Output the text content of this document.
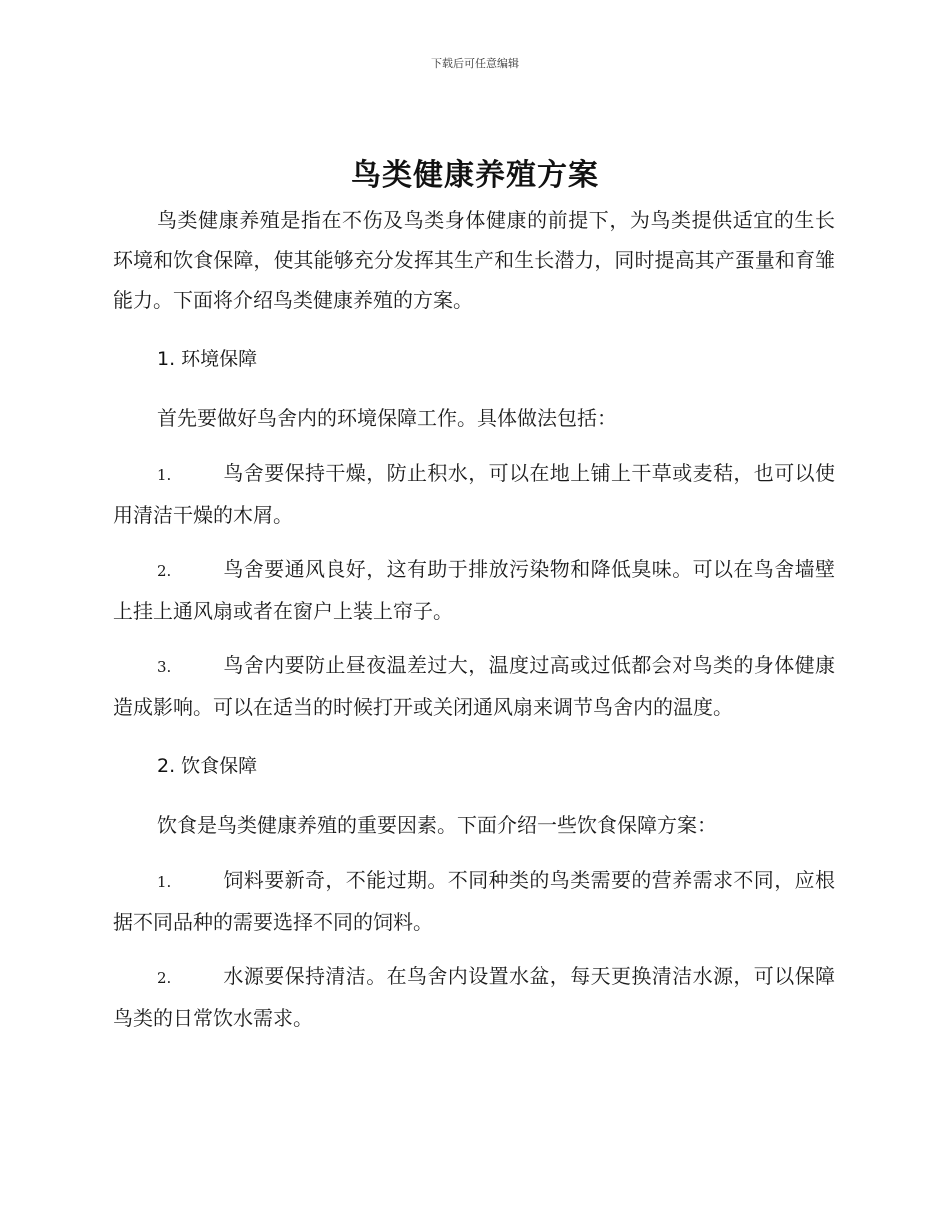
下载后可任意编辑
鸟类健康养殖方案

鸟类健康养殖是指在不伤及鸟类身体健康的前提下，为鸟类提供适宜的生长环境和饮食保障，使其能够充分发挥其生产和生长潜力，同时提高其产蛋量和育雏能力。下面将介绍鸟类健康养殖的方案。

1. 环境保障

首先要做好鸟舍内的环境保障工作。具体做法包括：

1.	鸟舍要保持干燥，防止积水，可以在地上铺上干草或麦秸，也可以使用清洁干燥的木屑。
2.	鸟舍要通风良好，这有助于排放污染物和降低臭味。可以在鸟舍墙壁上挂上通风扇或者在窗户上装上帘子。
3.	鸟舍内要防止昼夜温差过大，温度过高或过低都会对鸟类的身体健康造成影响。可以在适当的时候打开或关闭通风扇来调节鸟舍内的温度。
2. 饮食保障

饮食是鸟类健康养殖的重要因素。下面介绍一些饮食保障方案：

1.	饲料要新奇，不能过期。不同种类的鸟类需要的营养需求不同，应根据不同品种的需要选择不同的饲料。
2.	水源要保持清洁。在鸟舍内设置水盆，每天更换清洁水源，可以保障鸟类的日常饮水需求。
